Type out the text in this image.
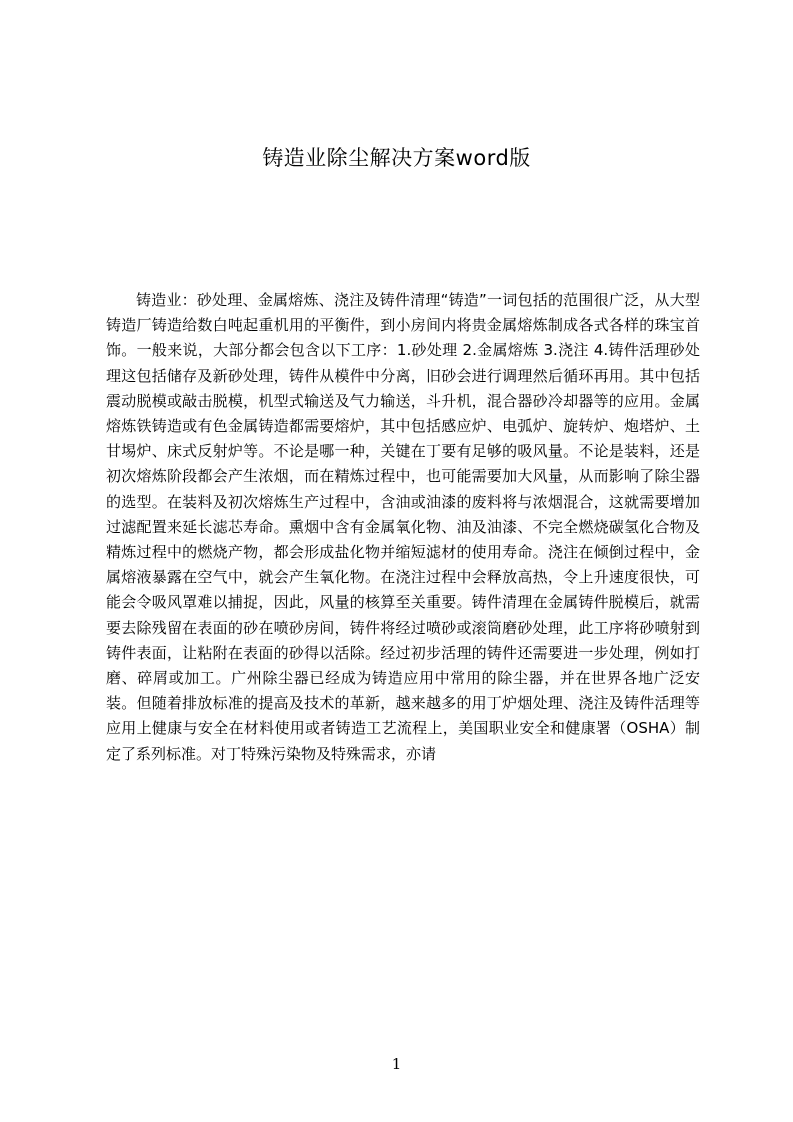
铸造业除尘解决方案word版

铸造业：砂处理、金属熔炼、浇注及铸件清理“铸造”一词包括的范围很广泛，从大型铸造厂铸造给数白吨起重机用的平衡件，到小房间内将贵金属熔炼制成各式各样的珠宝首饰。一般来说，大部分都会包含以下工序：1.砂处理 2.金属熔炼 3.浇注 4.铸件活理砂处理这包括储存及新砂处理，铸件从模件中分离，旧砂会进行调理然后循环再用。其中包括震动脱模或敲击脱模，机型式输送及气力输送，斗升机，混合器砂冷却器等的应用。金属熔炼铁铸造或有色金属铸造都需要熔炉，其中包括感应炉、电弧炉、旋转炉、炮塔炉、土甘埸炉、床式反射炉等。不论是哪一种，关键在丁要有足够的吸风量。不论是装料，还是初次熔炼阶段都会产生浓烟，而在精炼过程中，也可能需要加大风量，从而影响了除尘器的选型。在装料及初次熔炼生产过程中，含油或油漆的废料将与浓烟混合，这就需要增加过滤配置来延长滤芯寿命。熏烟中含有金属氧化物、油及油漆、不完全燃烧碳氢化合物及精炼过程中的燃烧产物，都会形成盐化物并缩短滤材的使用寿命。浇注在倾倒过程中，金属熔液暴露在空气中，就会产生氧化物。在浇注过程中会释放高热，令上升速度很快，可能会令吸风罩难以捕捉，因此，风量的核算至关重要。铸件清理在金属铸件脱模后，就需要去除残留在表面的砂在喷砂房间，铸件将经过喷砂或滚筒磨砂处理，此工序将砂喷射到铸件表面，让粘附在表面的砂得以活除。经过初步活理的铸件还需要进一步处理，例如打磨、碎屑或加工。广州除尘器已经成为铸造应用中常用的除尘器，并在世界各地广泛安装。但随着排放标准的提高及技术的革新，越来越多的用丁炉烟处理、浇注及铸件活理等应用上健康与安全在材料使用或者铸造工艺流程上，美国职业安全和健康署（OSHA）制定了系列标准。对丁特殊污染物及特殊需求，亦请

1
